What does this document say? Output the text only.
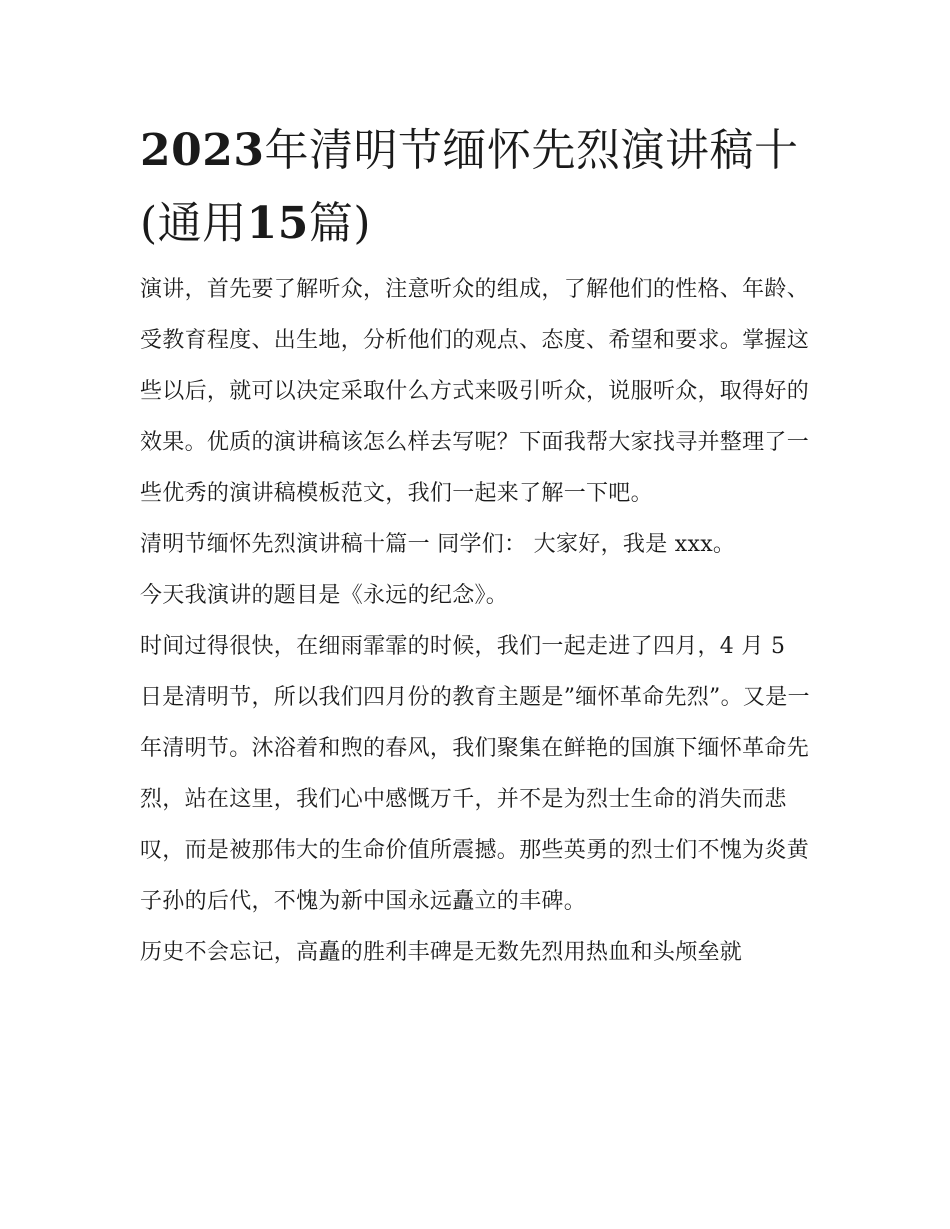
2023年清明节缅怀先烈演讲稿十(通用15篇)

演讲，首先要了解听众，注意听众的组成，了解他们的性格、年龄、受教育程度、出生地，分析他们的观点、态度、希望和要求。掌握这些以后，就可以决定采取什么方式来吸引听众，说服听众，取得好的效果。优质的演讲稿该怎么样去写呢？下面我帮大家找寻并整理了一些优秀的演讲稿模板范文，我们一起来了解一下吧。

清明节缅怀先烈演讲稿十篇一 同学们： 大家好，我是 xxx。

今天我演讲的题目是《永远的纪念》。

时间过得很快，在细雨霏霏的时候，我们一起走进了四月，4 月 5 日是清明节，所以我们四月份的教育主题是”缅怀革命先烈”。又是一年清明节。沐浴着和煦的春风，我们聚集在鲜艳的国旗下缅怀革命先烈，站在这里，我们心中感慨万千，并不是为烈士生命的消失而悲叹，而是被那伟大的生命价值所震撼。那些英勇的烈士们不愧为炎黄子孙的后代，不愧为新中国永远矗立的丰碑。

历史不会忘记，高矗的胜利丰碑是无数先烈用热血和头颅垒就
